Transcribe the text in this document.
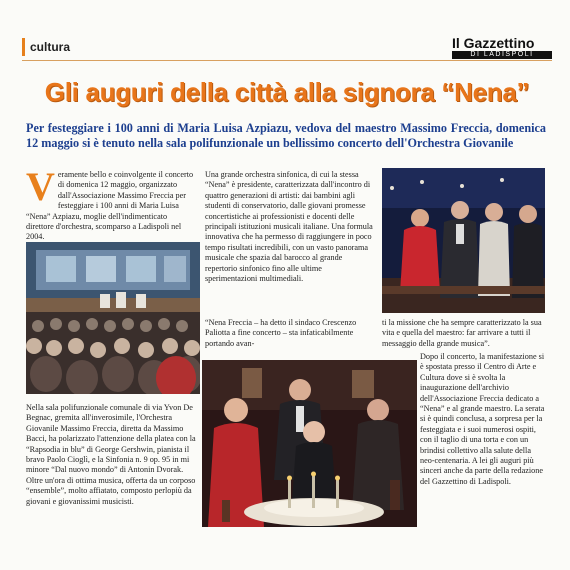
cultura	Il Gazzettino
DI LADISPOLI
Gli auguri della città alla signora “Nena”
Per festeggiare i 100 anni di Maria Luisa Azpiazu, vedova del maestro Massimo Freccia, domenica 12 maggio si è tenuto nella sala polifunzionale un bellissimo concerto dell'Orchestra Giovanile
Veramente bello e coinvolgente il concerto di domenica 12 maggio, organizzato dall'Associazione Massimo Freccia per festeggiare i 100 anni di Maria Luisa “Nena” Azpiazu, moglie dell'indimenticato direttore d'orchestra, scomparso a Ladispoli nel 2004.
Nella sala polifunzionale comunale di via Yvon De Begnac, gremita all'inverosimile, l'Orchestra Giovanile Massimo Freccia, diretta da Massimo Bacci, ha polarizzato l'attenzione della platea con la “Rapsodia in blu” di George Gershwin, pianista il bravo Paolo Cioglì, e la Sinfonia n. 9 op. 95 in mi minore “Dal nuovo mondo” di Antonin Dvorak. Oltre un'ora di ottima musica, offerta da un corposo “ensemble”, molto affiatato, composto perlopiù da giovani e giovanissimi musicisti.
Una grande orchestra sinfonica, di cui la stessa “Nena” è presidente, caratterizzata dall'incontro di quattro generazioni di artisti: dai bambini agli studenti di conservatorio, dalle giovani promesse concertistiche ai professionisti e docenti delle principali istituzioni musicali italiane. Una formula innovativa che ha permesso di raggiungere in poco tempo risultati incredibili, con un vasto panorama musicale che spazia dal barocco al grande repertorio sinfonico fino alle ultime sperimentazioni multimediali.
“Nena Freccia – ha detto il sindaco Crescenzo Paliotta a fine concerto – sta infaticabilmente portando avan-
ti la missione che ha sempre caratterizzato la sua vita e quella del maestro: far arrivare a tutti il messaggio della grande musica”.
Dopo il concerto, la manifestazione si è spostata presso il Centro di Arte e Cultura dove si è svolta la inaugurazione dell'archivio dell'Associazione Freccia dedicato a “Nena” e al grande maestro. La serata si è quindi conclusa, a sorpresa per la festeggiata e i suoi numerosi ospiti, con il taglio di una torta e con un brindisi collettivo alla salute della neo-centenaria. A lei gli auguri più sinceri anche da parte della redazione del Gazzettino di Ladispoli.
